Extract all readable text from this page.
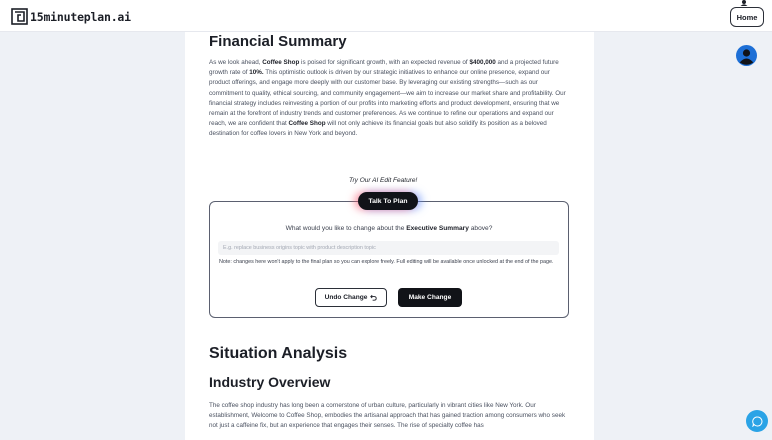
15minuteplan.ai	Home
Financial Summary

As we look ahead, Coffee Shop is poised for significant growth, with an expected revenue of $400,000 and a projected future growth rate of 10%. This optimistic outlook is driven by our strategic initiatives to enhance our online presence, expand our product offerings, and engage more deeply with our customer base. By leveraging our existing strengths—such as our commitment to quality, ethical sourcing, and community engagement—we aim to increase our market share and profitability. Our financial strategy includes reinvesting a portion of our profits into marketing efforts and product development, ensuring that we remain at the forefront of industry trends and customer preferences. As we continue to refine our operations and expand our reach, we are confident that Coffee Shop will not only achieve its financial goals but also solidify its position as a beloved destination for coffee lovers in New York and beyond.

Try Our AI Edit Feature!
Talk To Plan
What would you like to change about the Executive Summary above?
E.g. replace business origins topic with product description topic
Note: changes here won't apply to the final plan so you can explore freely. Full editing will be available once unlocked at the end of the page.
Undo Change	Make Change
Situation Analysis
Industry Overview

The coffee shop industry has long been a cornerstone of urban culture, particularly in vibrant cities like New York. Our establishment, Welcome to Coffee Shop, embodies the artisanal approach that has gained traction among consumers who seek not just a caffeine fix, but an experience that engages their senses. The rise of specialty coffee has
